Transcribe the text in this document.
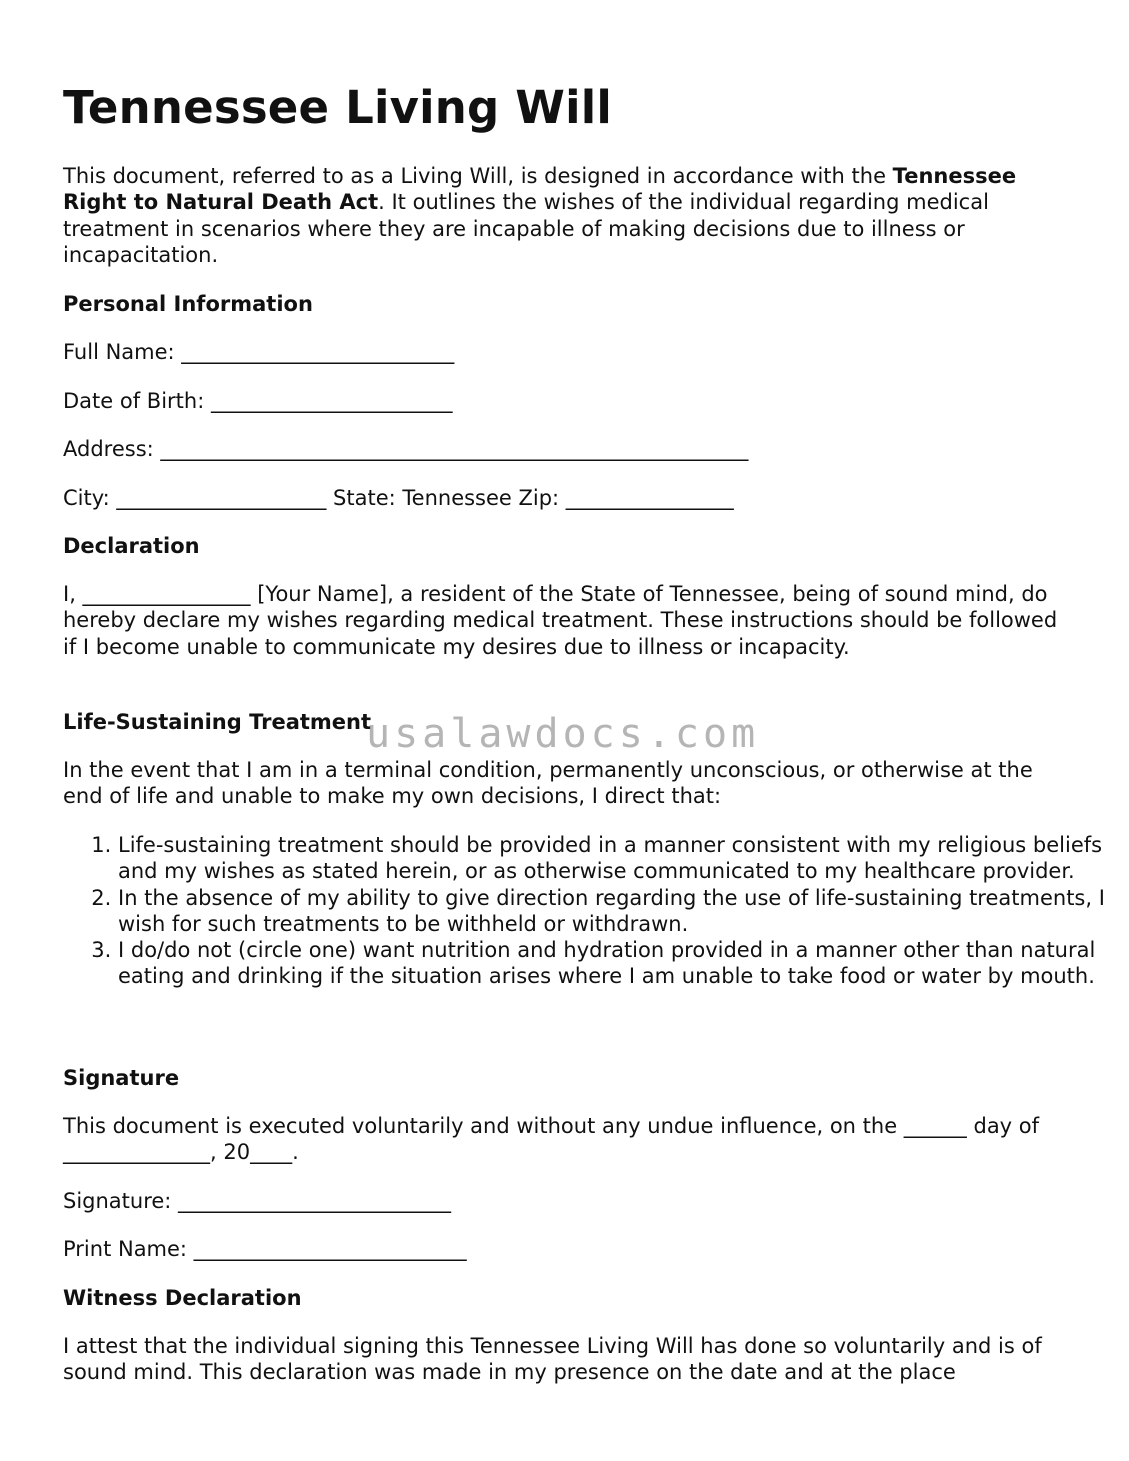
Tennessee Living Will

This document, referred to as a Living Will, is designed in accordance with the Tennessee Right to Natural Death Act. It outlines the wishes of the individual regarding medical treatment in scenarios where they are incapable of making decisions due to illness or incapacitation.

Personal Information

Full Name: __________________________

Date of Birth: _______________________

Address: ________________________________________________________

City: ____________________ State: Tennessee Zip: ________________

Declaration

I, ________________ [Your Name], a resident of the State of Tennessee, being of sound mind, do hereby declare my wishes regarding medical treatment. These instructions should be followed if I become unable to communicate my desires due to illness or incapacity.

Life-Sustaining Treatment

In the event that I am in a terminal condition, permanently unconscious, or otherwise at the end of life and unable to make my own decisions, I direct that:

1. Life-sustaining treatment should be provided in a manner consistent with my religious beliefs and my wishes as stated herein, or as otherwise communicated to my healthcare provider.
2. In the absence of my ability to give direction regarding the use of life-sustaining treatments, I wish for such treatments to be withheld or withdrawn.
3. I do/do not (circle one) want nutrition and hydration provided in a manner other than natural eating and drinking if the situation arises where I am unable to take food or water by mouth.

Signature

This document is executed voluntarily and without any undue influence, on the ______ day of ______________, 20____.

Signature: __________________________

Print Name: __________________________

Witness Declaration

I attest that the individual signing this Tennessee Living Will has done so voluntarily and is of sound mind. This declaration was made in my presence on the date and at the place

usalawdocs.com
